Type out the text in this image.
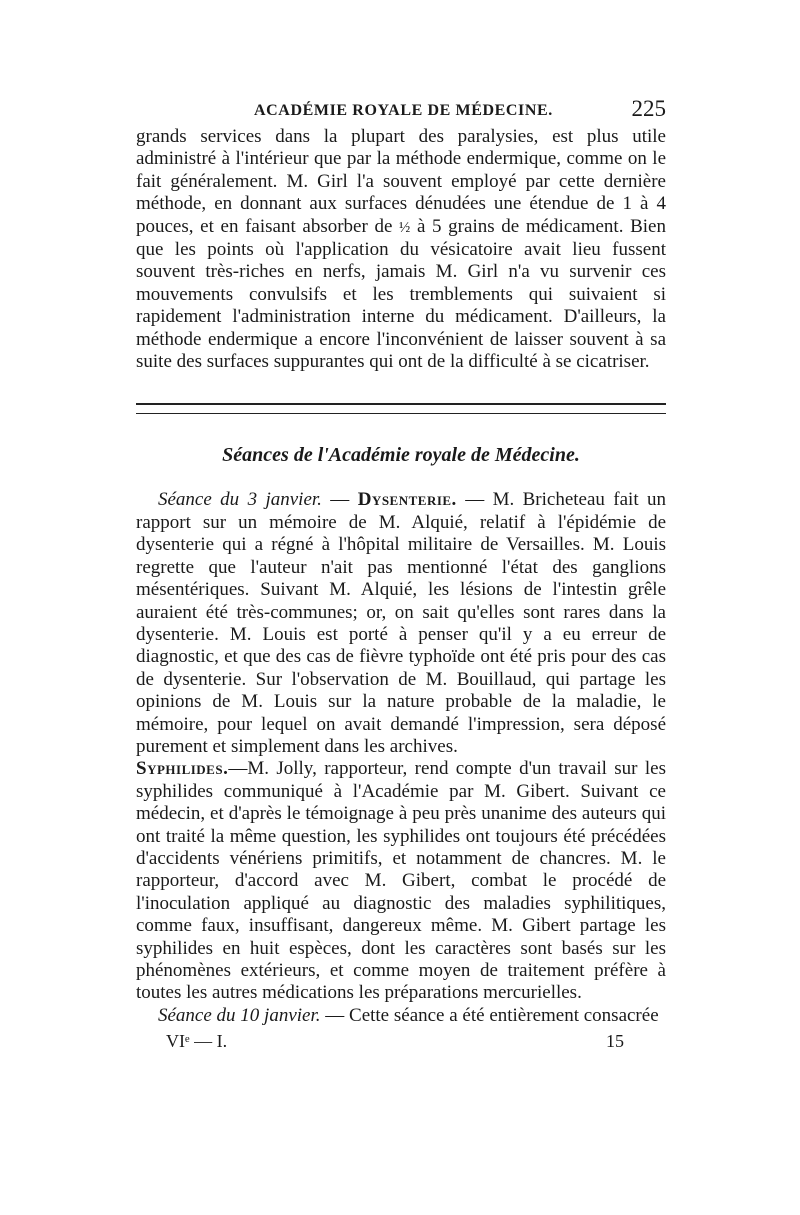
ACADÉMIE ROYALE DE MÉDECINE.	225

grands services dans la plupart des paralysies, est plus utile administré à l'intérieur que par la méthode endermique, comme on le fait généralement. M. Girl l'a souvent employé par cette dernière méthode, en donnant aux surfaces dénudées une étendue de 1 à 4 pouces, et en faisant absorber de ½ à 5 grains de médicament. Bien que les points où l'application du vésicatoire avait lieu fussent souvent très-riches en nerfs, jamais M. Girl n'a vu survenir ces mouvements convulsifs et les tremblements qui suivaient si rapidement l'administration interne du médicament. D'ailleurs, la méthode endermique a encore l'inconvénient de laisser souvent à sa suite des surfaces suppurantes qui ont de la difficulté à se cicatriser.

Séances de l'Académie royale de Médecine.

Séance du 3 janvier. — Dysenterie. — M. Bricheteau fait un rapport sur un mémoire de M. Alquié, relatif à l'épidémie de dysenterie qui a régné à l'hôpital militaire de Versailles. M. Louis regrette que l'auteur n'ait pas mentionné l'état des ganglions mésentériques. Suivant M. Alquié, les lésions de l'intestin grêle auraient été très-communes; or, on sait qu'elles sont rares dans la dysenterie. M. Louis est porté à penser qu'il y a eu erreur de diagnostic, et que des cas de fièvre typhoïde ont été pris pour des cas de dysenterie. Sur l'observation de M. Bouillaud, qui partage les opinions de M. Louis sur la nature probable de la maladie, le mémoire, pour lequel on avait demandé l'impression, sera déposé purement et simplement dans les archives.

Syphilides.—M. Jolly, rapporteur, rend compte d'un travail sur les syphilides communiqué à l'Académie par M. Gibert. Suivant ce médecin, et d'après le témoignage à peu près unanime des auteurs qui ont traité la même question, les syphilides ont toujours été précédées d'accidents vénériens primitifs, et notamment de chancres. M. le rapporteur, d'accord avec M. Gibert, combat le procédé de l'inoculation appliqué au diagnostic des maladies syphilitiques, comme faux, insuffisant, dangereux même. M. Gibert partage les syphilides en huit espèces, dont les caractères sont basés sur les phénomènes extérieurs, et comme moyen de traitement préfère à toutes les autres médications les préparations mercurielles.

Séance du 10 janvier. — Cette séance a été entièrement consacrée

VIᵉ — I.	15
